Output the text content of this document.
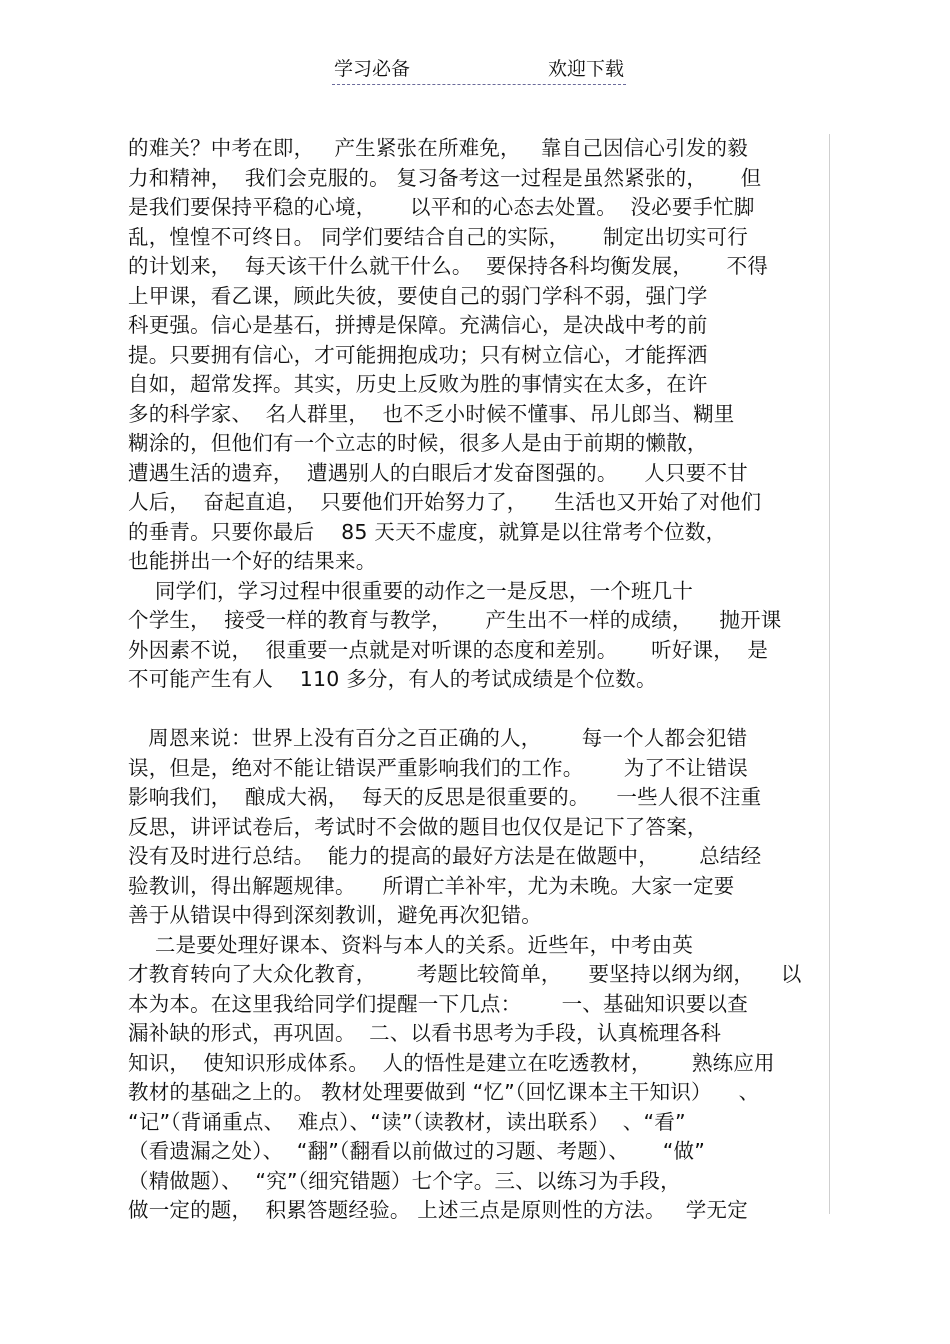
学习必备	欢迎下载
的难关？中考在即，   产生紧张在所难免，   靠自己因信心引发的毅
力和精神，  我们会克服的。 复习备考这一过程是虽然紧张的，     但
是我们要保持平稳的心境，     以平和的心态去处置。  没必要手忙脚
乱，惶惶不可终日。 同学们要结合自己的实际，     制定出切实可行
的计划来，  每天该干什么就干什么。  要保持各科均衡发展，     不得
上甲课，看乙课，顾此失彼，要使自己的弱门学科不弱，强门学
科更强。信心是基石，拼搏是保障。充满信心，是决战中考的前
提。只要拥有信心，才可能拥抱成功；只有树立信心，才能挥洒
自如，超常发挥。其实，历史上反败为胜的事情实在太多，在许
多的科学家、  名人群里，  也不乏小时候不懂事、吊儿郎当、糊里
糊涂的，但他们有一个立志的时候，很多人是由于前期的懒散，
遭遇生活的遗弃，  遭遇别人的白眼后才发奋图强的。    人只要不甘
人后，  奋起直追，  只要他们开始努力了，    生活也又开始了对他们
的垂青。只要你最后    85 天天不虚度，就算是以往常考个位数，
也能拼出一个好的结果来。
同学们，学习过程中很重要的动作之一是反思，一个班几十
个学生，  接受一样的教育与教学，     产生出不一样的成绩，    抛开课
外因素不说，  很重要一点就是对听课的态度和差别。     听好课，  是
不可能产生有人    110 多分，有人的考试成绩是个位数。
周恩来说：世界上没有百分之百正确的人，      每一个人都会犯错
误，但是，绝对不能让错误严重影响我们的工作。      为了不让错误
影响我们，  酿成大祸，  每天的反思是很重要的。    一些人很不注重
反思，讲评试卷后，考试时不会做的题目也仅仅是记下了答案，
没有及时进行总结。  能力的提高的最好方法是在做题中，      总结经
验教训，得出解题规律。    所谓亡羊补牢，尤为未晚。大家一定要
善于从错误中得到深刻教训，避免再次犯错。
二是要处理好课本、资料与本人的关系。近些年，中考由英
才教育转向了大众化教育，      考题比较简单，    要坚持以纲为纲，    以
本为本。在这里我给同学们提醒一下几点：      一、基础知识要以查
漏补缺的形式，再巩固。  二、以看书思考为手段，认真梳理各科
知识，  使知识形成体系。  人的悟性是建立在吃透教材，      熟练应用
教材的基础之上的。 教材处理要做到 “忆”（回忆课本主干知识）    、
“记”（背诵重点、  难点）、“读”（读教材，读出联系）  、“看”
（看遗漏之处）、  “翻”（翻看以前做过的习题、考题）、     “做”
（精做题）、  “究”（细究错题）七个字。三、以练习为手段，
做一定的题，  积累答题经验。 上述三点是原则性的方法。   学无定
